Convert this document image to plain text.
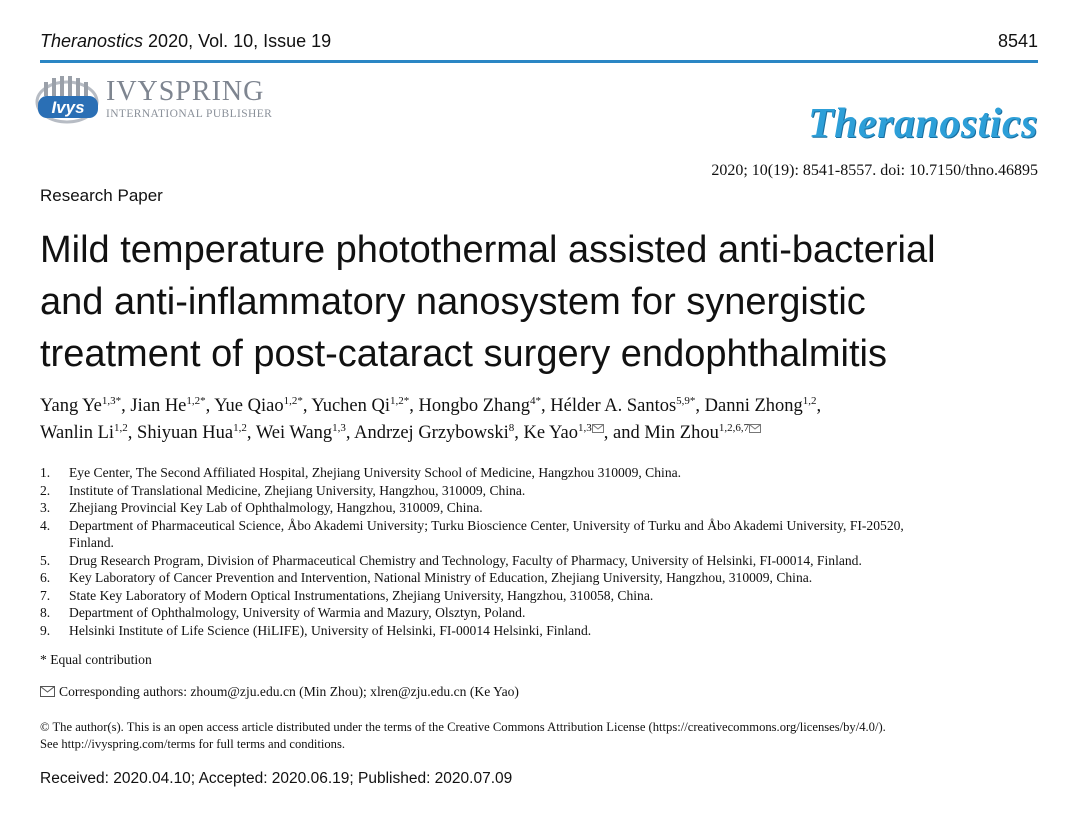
Theranostics 2020, Vol. 10, Issue 19	8541
Ivys
IVYSPRING
INTERNATIONAL PUBLISHER	Theranostics
2020; 10(19): 8541-8557. doi: 10.7150/thno.46895
Research Paper
Mild temperature photothermal assisted anti-bacterial
and anti-inflammatory nanosystem for synergistic
treatment of post-cataract surgery endophthalmitis
Yang $Ye^{1,3*}$, Jian $He^{1,2*}$, Yue Qiao$^{1,2*}$, Yuchen $Qi^{1,2*}$, Hongbo Zhang$^{4*}$, Hélder A. Santos$^{5,9*}$, Danni Zhong$^{1,2}$,
Wanlin Li$^{1,2}$, Shiyuan Hua$^{1,2}$, Wei Wang$^{1,3}$, Andrzej Grzybowski$^8$, Ke Yao$^{1,3}$ , and Min Zhou$^{1,2,6,7}$
1. Eye Center, The Second Affiliated Hospital, Zhejiang University School of Medicine, Hangzhou 310009, China.
2. Institute of Translational Medicine, Zhejiang University, Hangzhou, 310009, China.
3. Zhejiang Provincial Key Lab of Ophthalmology, Hangzhou, 310009, China.
4. Department of Pharmaceutical Science, Åbo Akademi University; Turku Bioscience Center, University of Turku and Åbo Akademi University, FI-20520,
Finland.
5. Drug Research Program, Division of Pharmaceutical Chemistry and Technology, Faculty of Pharmacy, University of Helsinki, FI-00014, Finland.
6. Key Laboratory of Cancer Prevention and Intervention, National Ministry of Education, Zhejiang University, Hangzhou, 310009, China.
7. State Key Laboratory of Modern Optical Instrumentations, Zhejiang University, Hangzhou, 310058, China.
8. Department of Ophthalmology, University of Warmia and Mazury, Olsztyn, Poland.
9. Helsinki Institute of Life Science (HiLIFE), University of Helsinki, FI-00014 Helsinki, Finland.
* Equal contribution
Corresponding authors: zhoum@zju.edu.cn (Min Zhou); xlren@zju.edu.cn (Ke Yao)
© The author(s). This is an open access article distributed under the terms of the Creative Commons Attribution License (https://creativecommons.org/licenses/by/4.0/).
See http://ivyspring.com/terms for full terms and conditions.
Received: 2020.04.10; Accepted: 2020.06.19; Published: 2020.07.09
